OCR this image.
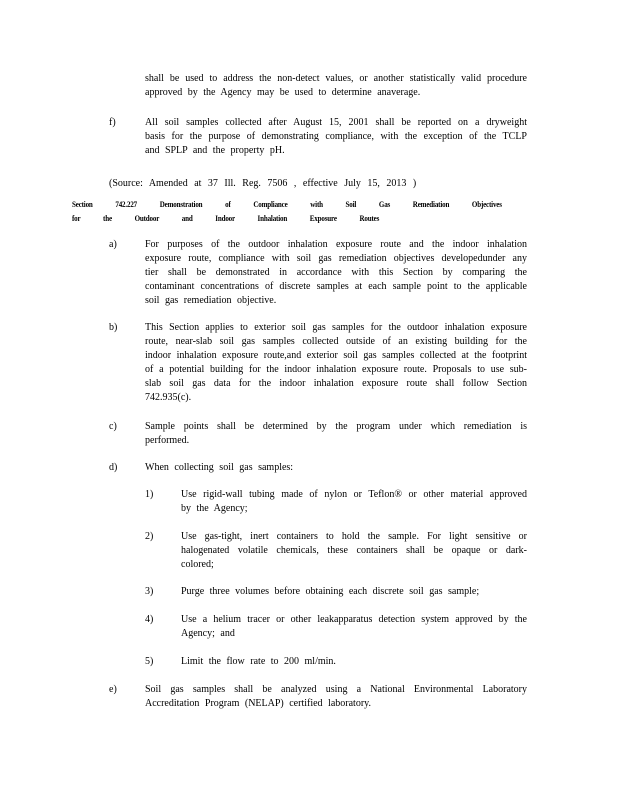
shall be used to address the non-detect values, or another statistically valid procedure approved by the Agency may be used to determine anaverage.
f)	All soil samples collected after August 15, 2001 shall be reported on a dryweight basis for the purpose of demonstrating compliance, with the exception of the TCLP and SPLP and the property pH.
(Source: Amended at 37 Ill. Reg. 7506 , effective July 15, 2013 )
Section 742.227 Demonstration of Compliance with Soil Gas Remediation Objectives for the Outdoor and Indoor Inhalation Exposure Routes
a)	For purposes of the outdoor inhalation exposure route and the indoor inhalation exposure route, compliance with soil gas remediation objectives developedunder any tier shall be demonstrated in accordance with this Section by comparing the contaminant concentrations of discrete samples at each sample point to the applicable soil gas remediation objective.
b)	This Section applies to exterior soil gas samples for the outdoor inhalation exposure route, near-slab soil gas samples collected outside of an existing building for the indoor inhalation exposure route,and exterior soil gas samples collected at the footprint of a potential building for the indoor inhalation exposure route. Proposals to use sub-slab soil gas data for the indoor inhalation exposure route shall follow Section 742.935(c).
c)	Sample points shall be determined by the program under which remediation is performed.
d)	When collecting soil gas samples:
1)	Use rigid-wall tubing made of nylon or Teflon® or other material approved by the Agency;
2)	Use gas-tight, inert containers to hold the sample. For light sensitive or halogenated volatile chemicals, these containers shall be opaque or dark-colored;
3)	Purge three volumes before obtaining each discrete soil gas sample;
4)	Use a helium tracer or other leakapparatus detection system approved by the Agency; and
5)	Limit the flow rate to 200 ml/min.
e)	Soil gas samples shall be analyzed using a National Environmental Laboratory Accreditation Program (NELAP) certified laboratory.
